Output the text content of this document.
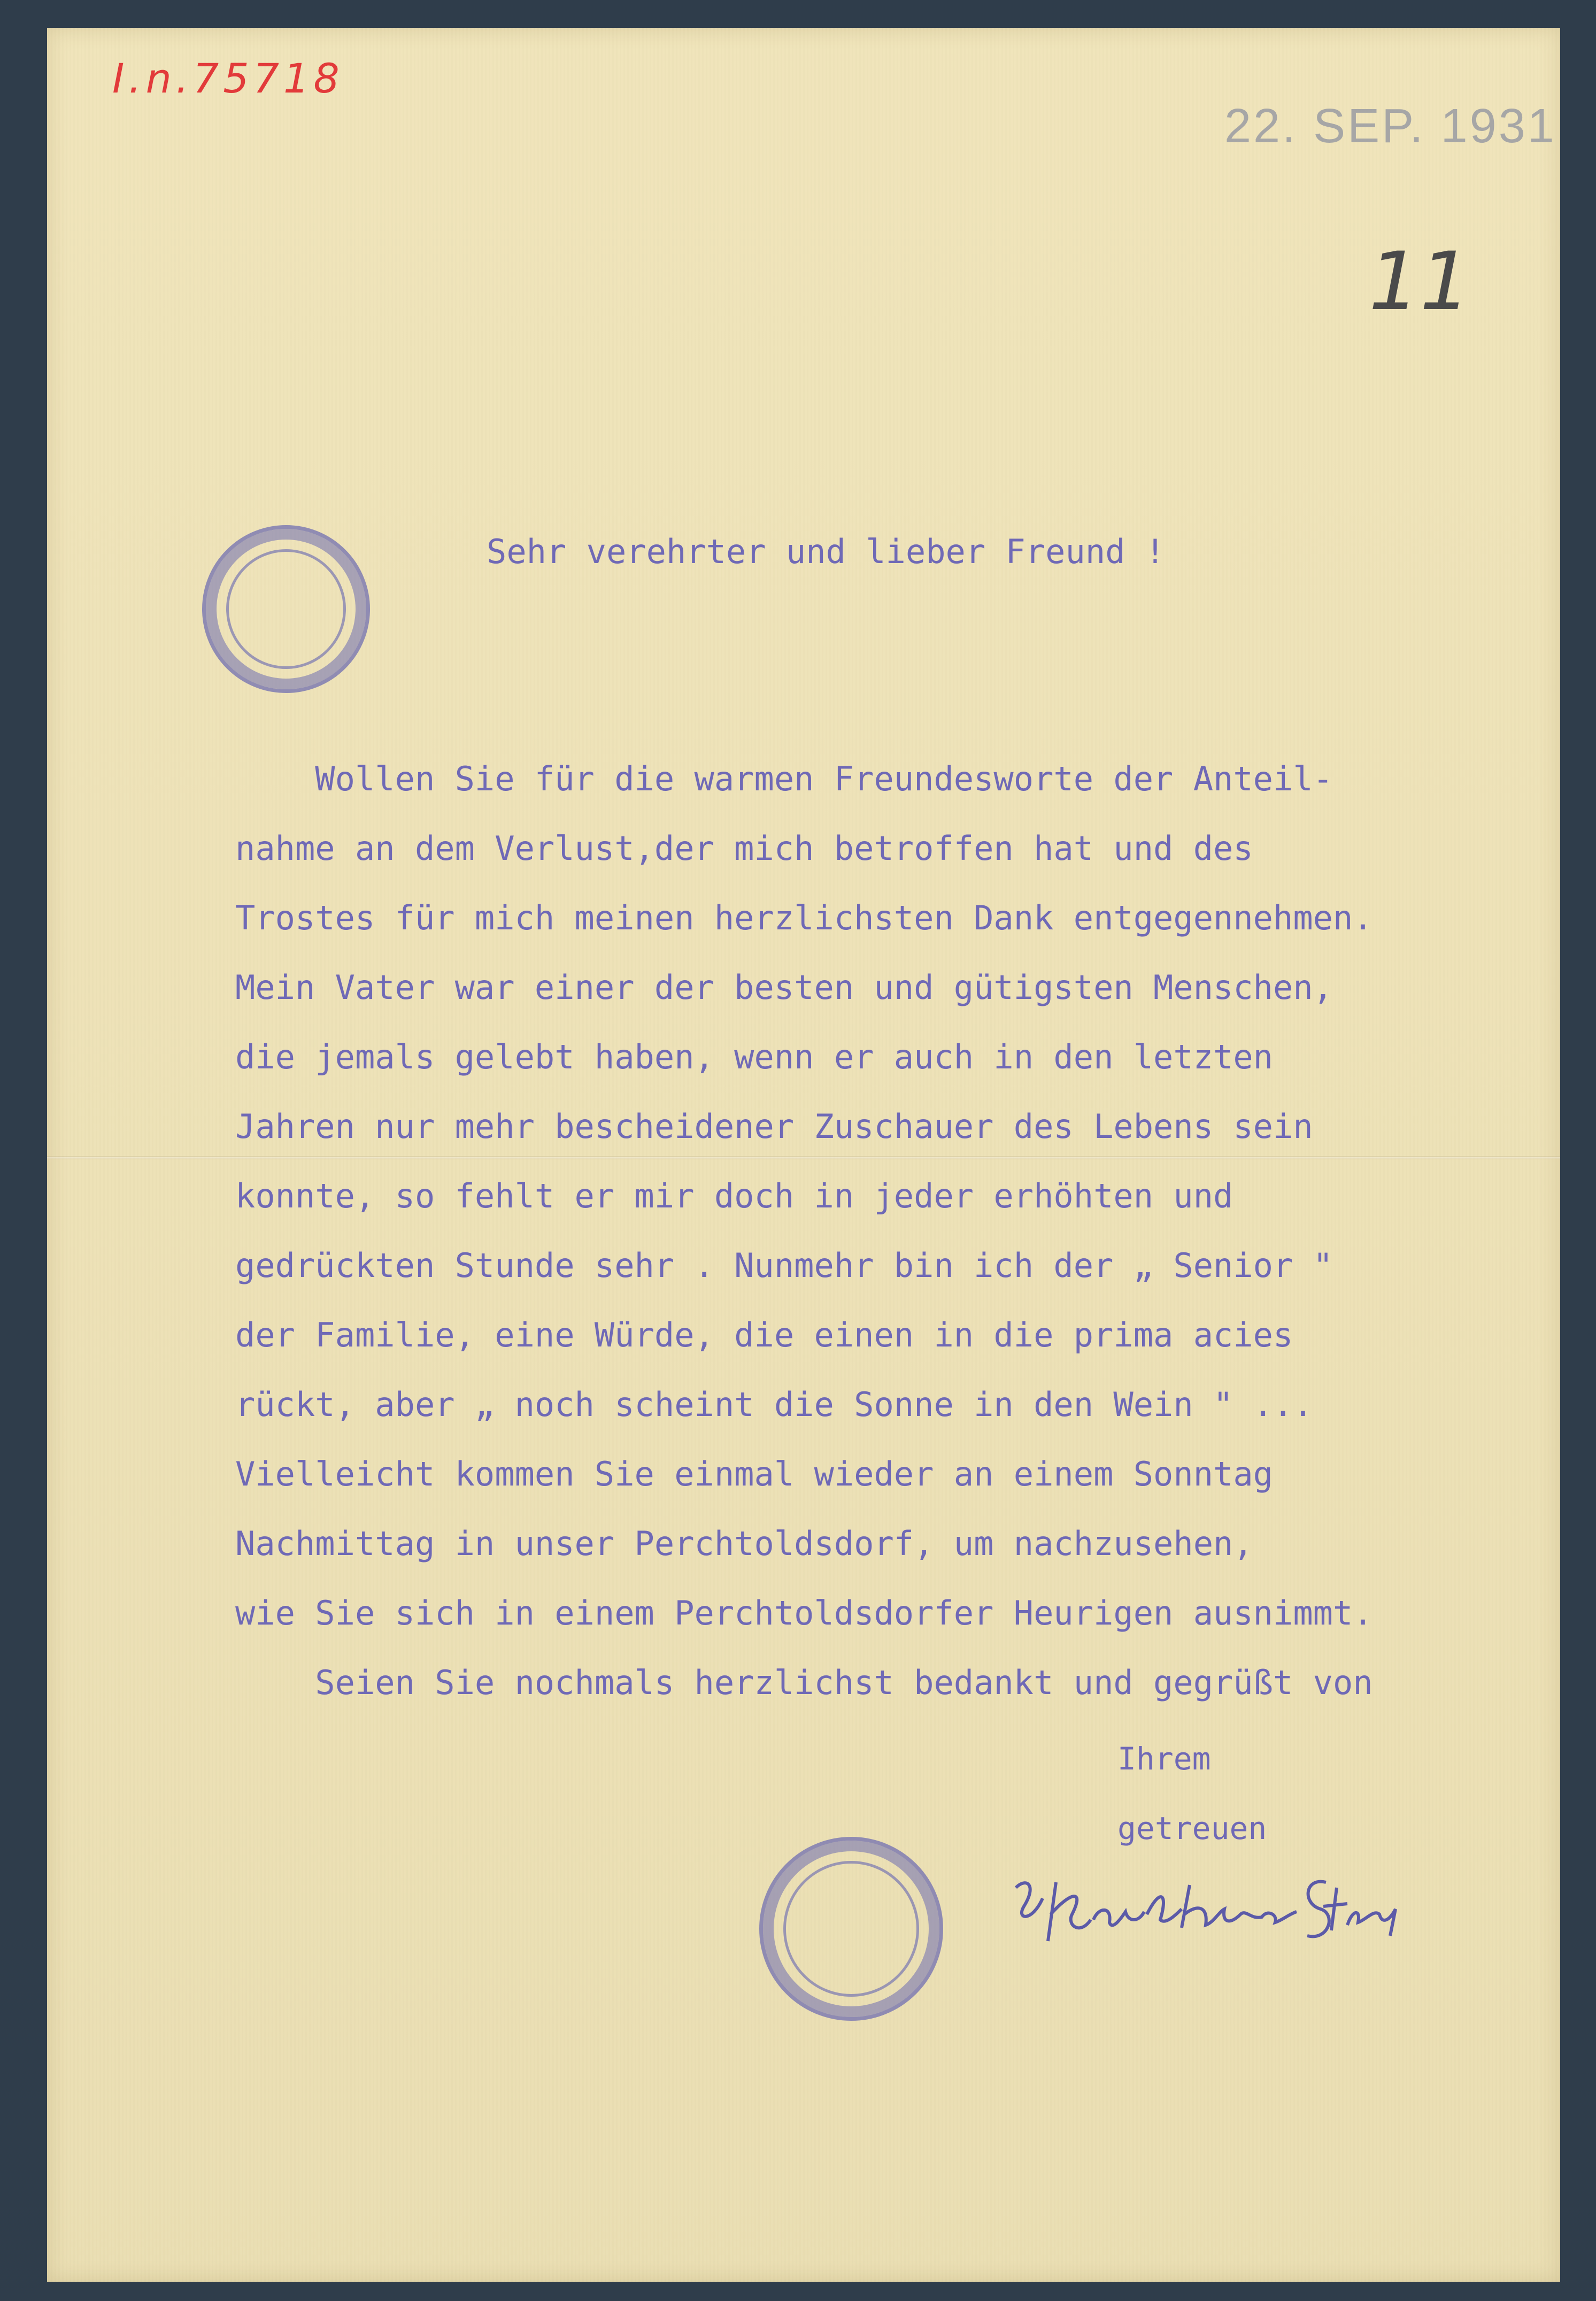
I.n.75718
22. SEP. 1931
11
Sehr verehrter und lieber Freund !
Wollen Sie für die warmen Freundesworte der Anteil-
nahme an dem Verlust,der mich betroffen hat und des
Trostes für mich meinen herzlichsten Dank entgegennehmen.
Mein Vater war einer der besten und gütigsten Menschen,
die jemals gelebt haben, wenn er auch in den letzten
Jahren nur mehr bescheidener Zuschauer des Lebens sein
konnte, so fehlt er mir doch in jeder erhöhten und
gedrückten Stunde sehr . Nunmehr bin ich der „ Senior "
der Familie, eine Würde, die einen in die prima acies
rückt, aber „ noch scheint die Sonne in den Wein " ...
Vielleicht kommen Sie einmal wieder an einem Sonntag
Nachmittag in unser Perchtoldsdorf, um nachzusehen,
wie Sie sich in einem Perchtoldsdorfer Heurigen ausnimmt.
Seien Sie nochmals herzlichst bedankt und gegrüßt von
Ihrem
getreuen
